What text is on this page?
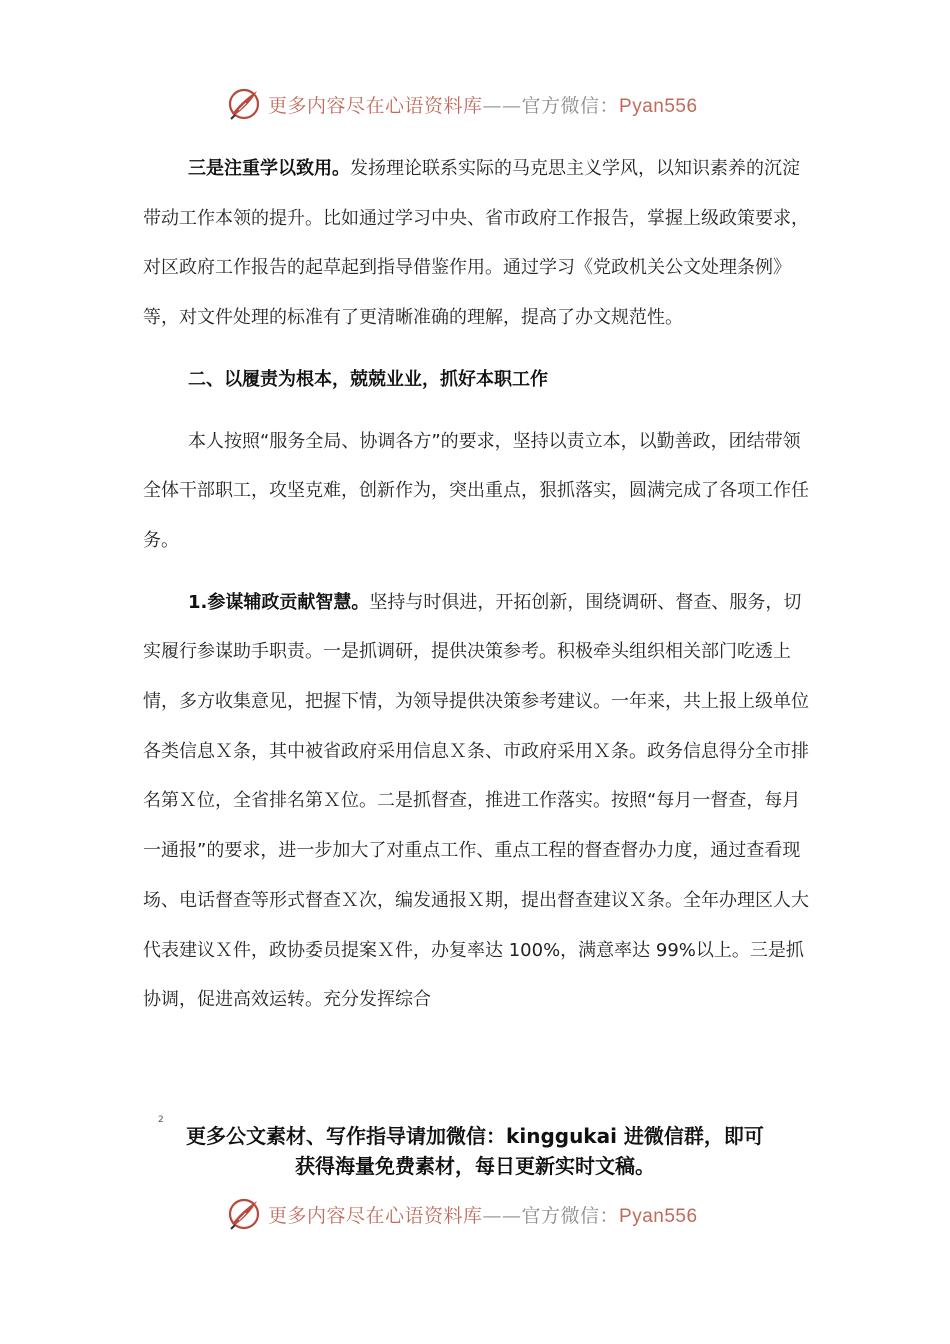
更多内容尽在心语资料库——官方微信：Pyan556

三是注重学以致用。发扬理论联系实际的马克思主义学风，以知识素养的沉淀带动工作本领的提升。比如通过学习中央、省市政府工作报告，掌握上级政策要求，对区政府工作报告的起草起到指导借鉴作用。通过学习《党政机关公文处理条例》等，对文件处理的标准有了更清晰准确的理解，提高了办文规范性。

二、以履责为根本，兢兢业业，抓好本职工作

本人按照“服务全局、协调各方”的要求，坚持以责立本，以勤善政，团结带领全体干部职工，攻坚克难，创新作为，突出重点，狠抓落实，圆满完成了各项工作任务。

1.参谋辅政贡献智慧。坚持与时俱进，开拓创新，围绕调研、督查、服务，切实履行参谋助手职责。一是抓调研，提供决策参考。积极牵头组织相关部门吃透上情，多方收集意见，把握下情，为领导提供决策参考建议。一年来，共上报上级单位各类信息Ｘ条，其中被省政府采用信息Ｘ条、市政府采用Ｘ条。政务信息得分全市排名第Ｘ位，全省排名第Ｘ位。二是抓督查，推进工作落实。按照“每月一督查，每月一通报”的要求，进一步加大了对重点工作、重点工程的督查督办力度，通过查看现场、电话督查等形式督查Ｘ次，编发通报Ｘ期，提出督查建议Ｘ条。全年办理区人大代表建议Ｘ件，政协委员提案Ｘ件，办复率达 100%，满意率达 99%以上。三是抓协调，促进高效运转。充分发挥综合

2
更多公文素材、写作指导请加微信：kinggukai 进微信群，即可
获得海量免费素材，每日更新实时文稿。
更多内容尽在心语资料库——官方微信：Pyan556
